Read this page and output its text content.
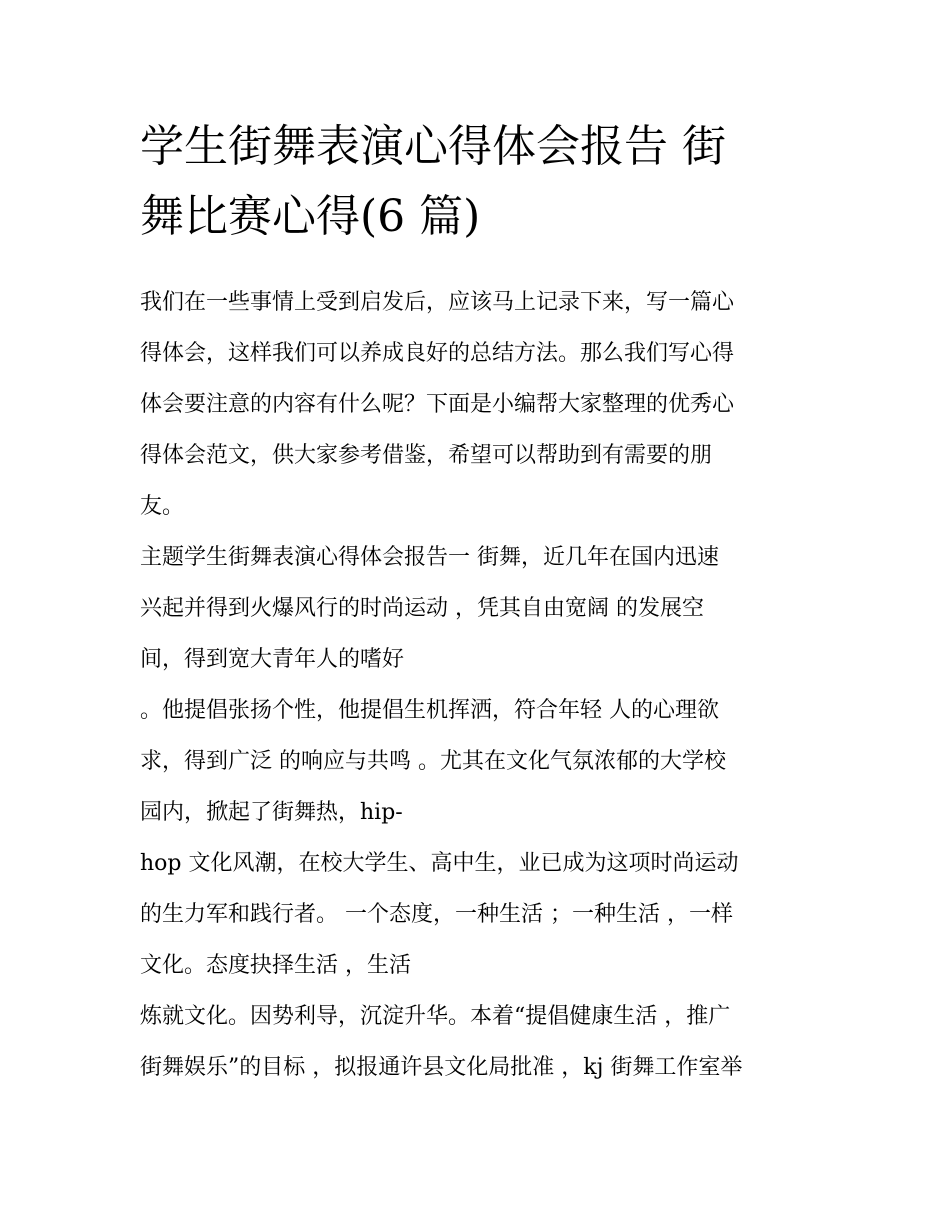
学生街舞表演心得体会报告 街
舞比赛心得(6 篇)
我们在一些事情上受到启发后，应该马上记录下来，写一篇心
得体会，这样我们可以养成良好的总结方法。那么我们写心得
体会要注意的内容有什么呢？下面是小编帮大家整理的优秀心
得体会范文，供大家参考借鉴，希望可以帮助到有需要的朋
友。
主题学生街舞表演心得体会报告一 街舞，近几年在国内迅速
兴起并得到火爆风行的时尚运动 ，凭其自由宽阔 的发展空
间，得到宽大青年人的嗜好
。他提倡张扬个性，他提倡生机挥洒，符合年轻 人的心理欲
求，得到广泛 的响应与共鸣 。尤其在文化气氛浓郁的大学校
园内，掀起了街舞热，hip-
hop 文化风潮，在校大学生、高中生，业已成为这项时尚运动
的生力军和践行者。 一个态度，一种生活 ；一种生活 ，一样
文化。态度抉择生活 ，生活
炼就文化。因势利导，沉淀升华。本着“提倡健康生活 ，推广
街舞娱乐”的目标 ，拟报通许县文化局批准 ，kj 街舞工作室举
